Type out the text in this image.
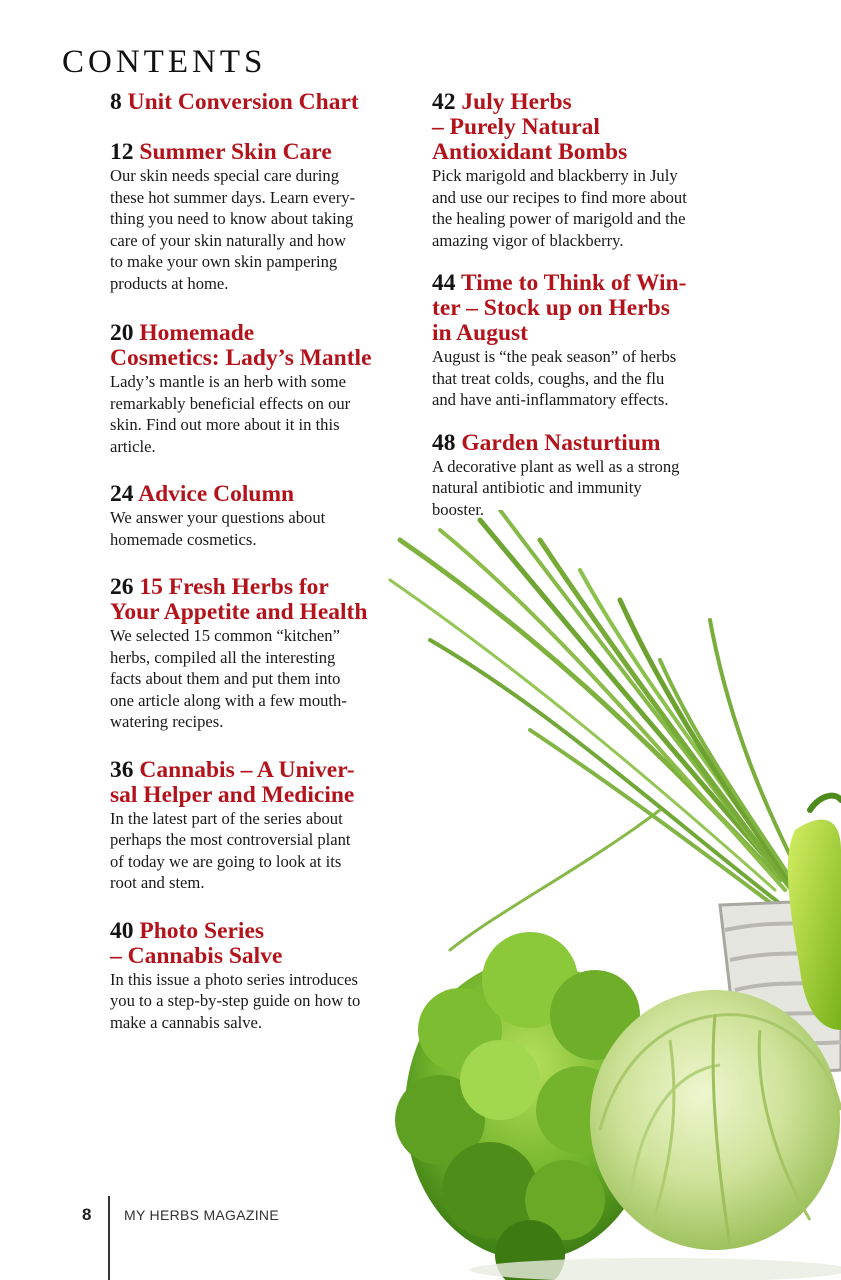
CONTENTS
8 Unit Conversion Chart
12 Summer Skin Care
Our skin needs special care during
these hot summer days. Learn every-
thing you need to know about taking
care of your skin naturally and how
to make your own skin pampering
products at home.
20 Homemade
Cosmetics: Lady’s Mantle
Lady’s mantle is an herb with some
remarkably beneficial effects on our
skin. Find out more about it in this
article.
24 Advice Column
We answer your questions about
homemade cosmetics.
26 15 Fresh Herbs for
Your Appetite and Health
We selected 15 common “kitchen”
herbs, compiled all the interesting
facts about them and put them into
one article along with a few mouth-
watering recipes.
36 Cannabis – A Univer-
sal Helper and Medicine
In the latest part of the series about
perhaps the most controversial plant
of today we are going to look at its
root and stem.
40 Photo Series
– Cannabis Salve
In this issue a photo series introduces
you to a step-by-step guide on how to
make a cannabis salve.
42 July Herbs
– Purely Natural
Antioxidant Bombs
Pick marigold and blackberry in July
and use our recipes to find more about
the healing power of marigold and the
amazing vigor of blackberry.
44 Time to Think of Win-
ter – Stock up on Herbs
in August
August is “the peak season” of herbs
that treat colds, coughs, and the flu
and have anti-inflammatory effects.
48 Garden Nasturtium
A decorative plant as well as a strong
natural antibiotic and immunity
booster.
8 MY HERBS MAGAZINE
